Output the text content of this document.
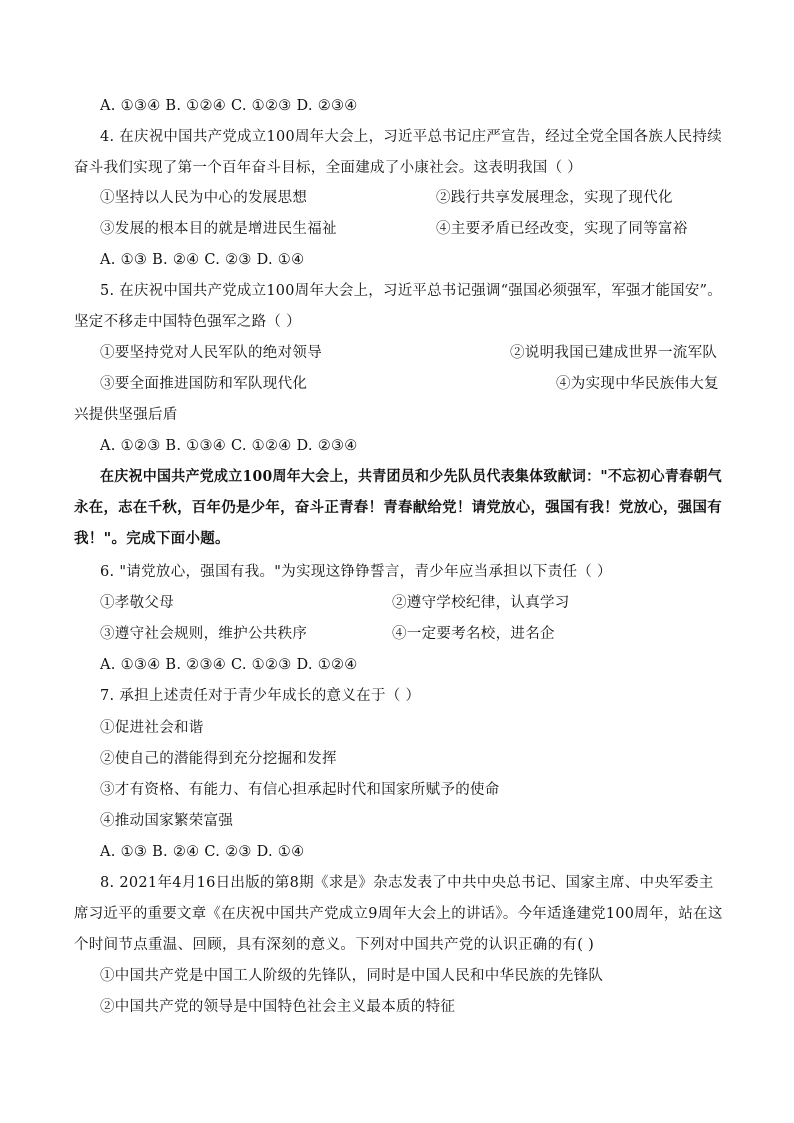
A. ①③④ B. ①②④ C. ①②③ D. ②③④
4. 在庆祝中国共产党成立100周年大会上，习近平总书记庄严宣告，经过全党全国各族人民持续
奋斗我们实现了第一个百年奋斗目标，全面建成了小康社会。这表明我国（ ）
①坚持以人民为中心的发展思想	②践行共享发展理念，实现了现代化
③发展的根本目的就是增进民生福祉	④主要矛盾已经改变，实现了同等富裕
A. ①③ B. ②④ C. ②③ D. ①④
5. 在庆祝中国共产党成立100周年大会上，习近平总书记强调“强国必须强军，军强才能国安”。
坚定不移走中国特色强军之路（ ）
①要坚持党对人民军队的绝对领导	②说明我国已建成世界一流军队
③要全面推进国防和军队现代化	④为实现中华民族伟大复
兴提供坚强后盾
A. ①②③ B. ①③④ C. ①②④ D. ②③④
在庆祝中国共产党成立100周年大会上，共青团员和少先队员代表集体致献词："不忘初心青春朝气
永在，志在千秋，百年仍是少年，奋斗正青春！青春献给党！请党放心，强国有我！党放心，强国有
我！"。完成下面小题。
6. "请党放心，强国有我。"为实现这铮铮誓言，青少年应当承担以下责任（ ）
①孝敬父母	②遵守学校纪律，认真学习
③遵守社会规则，维护公共秩序	④一定要考名校，进名企
A. ①③④ B. ②③④ C. ①②③ D. ①②④
7. 承担上述责任对于青少年成长的意义在于（ ）
①促进社会和谐
②使自己的潜能得到充分挖掘和发挥
③才有资格、有能力、有信心担承起时代和国家所赋予的使命
④推动国家繁荣富强
A. ①③ B. ②④ C. ②③ D. ①④
8. 2021年4月16日出版的第8期《求是》杂志发表了中共中央总书记、国家主席、中央军委主
席习近平的重要文章《在庆祝中国共产党成立9周年大会上的讲话》。今年适逢建党100周年，站在这
个时间节点重温、回顾，具有深刻的意义。下列对中国共产党的认识正确的有( )
①中国共产党是中国工人阶级的先锋队，同时是中国人民和中华民族的先锋队
②中国共产党的领导是中国特色社会主义最本质的特征
